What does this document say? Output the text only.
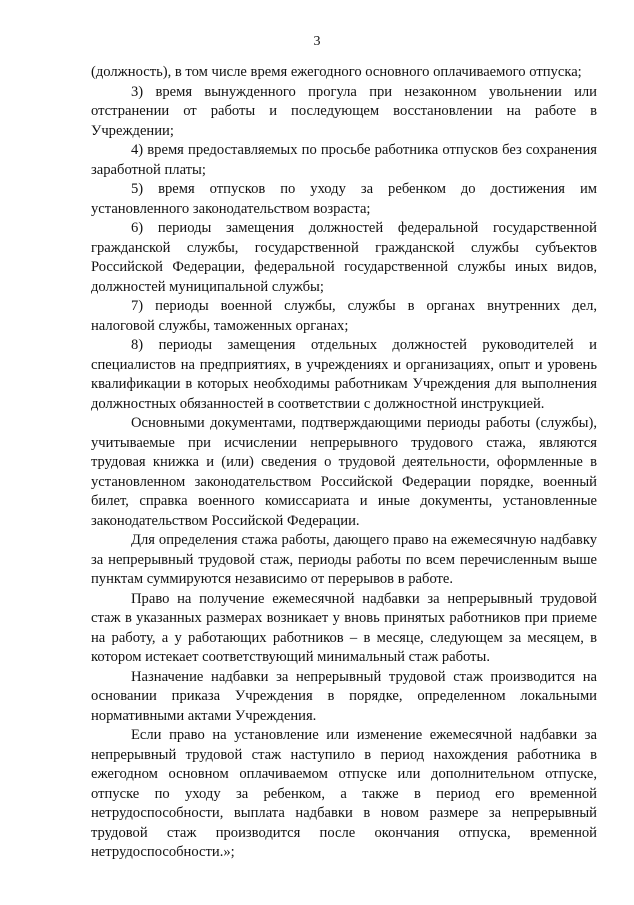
3

(должность), в том числе время ежегодного основного оплачиваемого отпуска;

3) время вынужденного прогула при незаконном увольнении или отстранении от работы и последующем восстановлении на работе в Учреждении;

4) время предоставляемых по просьбе работника отпусков без сохранения заработной платы;

5) время отпусков по уходу за ребенком до достижения им установленного законодательством возраста;

6) периоды замещения должностей федеральной государственной гражданской службы, государственной гражданской службы субъектов Российской Федерации, федеральной государственной службы иных видов, должностей муниципальной службы;

7) периоды военной службы, службы в органах внутренних дел, налоговой службы, таможенных органах;

8) периоды замещения отдельных должностей руководителей и специалистов на предприятиях, в учреждениях и организациях, опыт и уровень квалификации в которых необходимы работникам Учреждения для выполнения должностных обязанностей в соответствии с должностной инструкцией.

Основными документами, подтверждающими периоды работы (службы), учитываемые при исчислении непрерывного трудового стажа, являются трудовая книжка и (или) сведения о трудовой деятельности, оформленные в установленном законодательством Российской Федерации порядке, военный билет, справка военного комиссариата и иные документы, установленные законодательством Российской Федерации.

Для определения стажа работы, дающего право на ежемесячную надбавку за непрерывный трудовой стаж, периоды работы по всем перечисленным выше пунктам суммируются независимо от перерывов в работе.

Право на получение ежемесячной надбавки за непрерывный трудовой стаж в указанных размерах возникает у вновь принятых работников при приеме на работу, а у работающих работников – в месяце, следующем за месяцем, в котором истекает соответствующий минимальный стаж работы.

Назначение надбавки за непрерывный трудовой стаж производится на основании приказа Учреждения в порядке, определенном локальными нормативными актами Учреждения.

Если право на установление или изменение ежемесячной надбавки за непрерывный трудовой стаж наступило в период нахождения работника в ежегодном основном оплачиваемом отпуске или дополнительном отпуске, отпуске по уходу за ребенком, а также в период его временной нетрудоспособности, выплата надбавки в новом размере за непрерывный трудовой стаж производится после окончания отпуска, временной нетрудоспособности.»;
